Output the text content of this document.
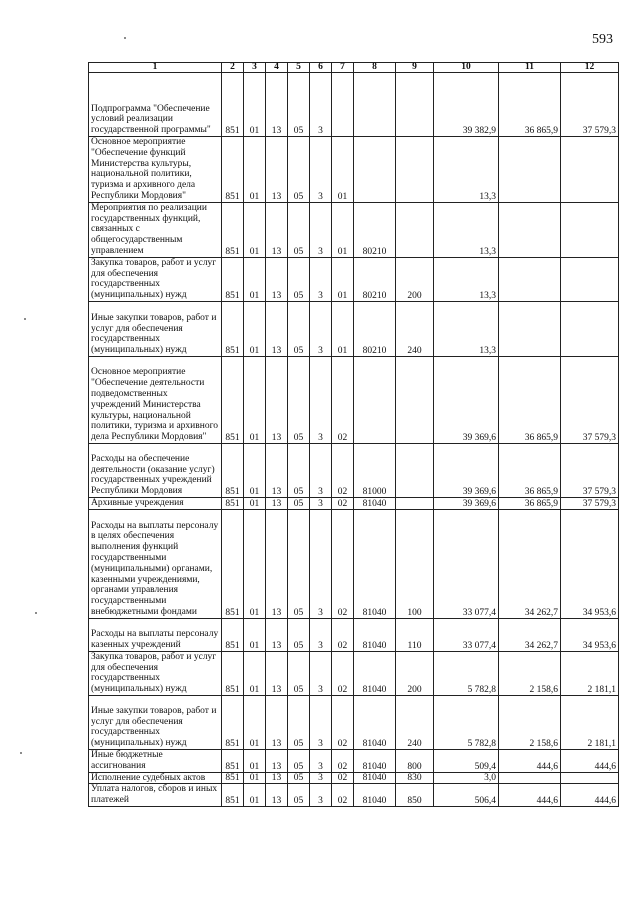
593
1	2	3	4	5	6	7	8	9	10	11	12
Подпрограмма "Обеспечение условий реализации государственной программы"	851	01	13	05	3				39 382,9	36 865,9	37 579,3
Основное мероприятие "Обеспечение функций Министерства культуры, национальной политики, туризма и архивного дела Республики Мордовия"	851	01	13	05	3	01			13,3		
Мероприятия по реализации государственных функций, связанных с общегосударственным управлением	851	01	13	05	3	01	80210		13,3		
Закупка товаров, работ и услуг для обеспечения государственных (муниципальных) нужд	851	01	13	05	3	01	80210	200	13,3		
Иные закупки товаров, работ и услуг для обеспечения государственных (муниципальных) нужд	851	01	13	05	3	01	80210	240	13,3		
Основное мероприятие "Обеспечение деятельности подведомственных учреждений Министерства культуры, национальной политики, туризма и архивного дела Республики Мордовия"	851	01	13	05	3	02			39 369,6	36 865,9	37 579,3
Расходы на обеспечение деятельности (оказание услуг) государственных учреждений Республики Мордовия	851	01	13	05	3	02	81000		39 369,6	36 865,9	37 579,3
Архивные учреждения	851	01	13	05	3	02	81040		39 369,6	36 865,9	37 579,3
Расходы на выплаты персоналу в целях обеспечения выполнения функций государственными (муниципальными) органами, казенными учреждениями, органами управления государственными внебюджетными фондами	851	01	13	05	3	02	81040	100	33 077,4	34 262,7	34 953,6
Расходы на выплаты персоналу казенных учреждений	851	01	13	05	3	02	81040	110	33 077,4	34 262,7	34 953,6
Закупка товаров, работ и услуг для обеспечения государственных (муниципальных) нужд	851	01	13	05	3	02	81040	200	5 782,8	2 158,6	2 181,1
Иные закупки товаров, работ и услуг для обеспечения государственных (муниципальных) нужд	851	01	13	05	3	02	81040	240	5 782,8	2 158,6	2 181,1
Иные бюджетные ассигнования	851	01	13	05	3	02	81040	800	509,4	444,6	444,6
Исполнение судебных актов	851	01	13	05	3	02	81040	830	3,0		
Уплата налогов, сборов и иных платежей	851	01	13	05	3	02	81040	850	506,4	444,6	444,6
